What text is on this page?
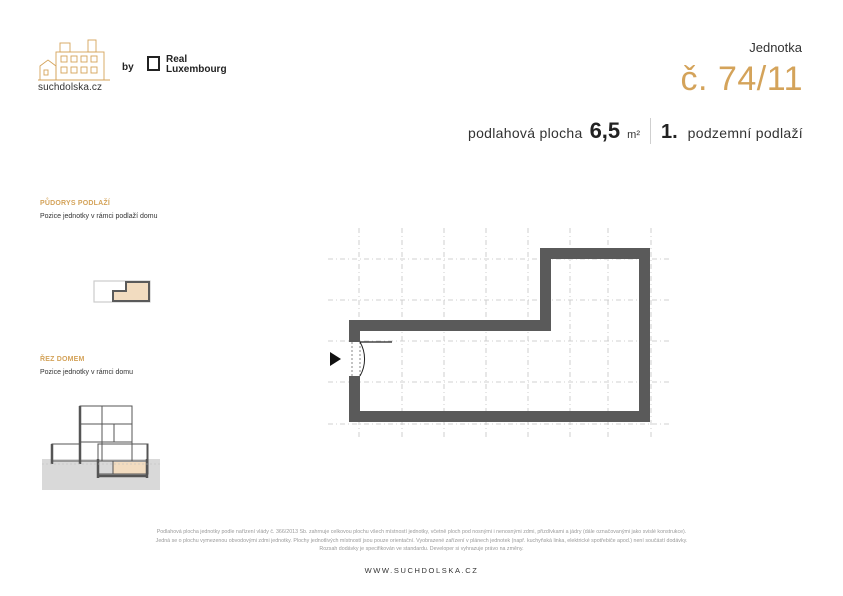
suchdolska.cz
by
Real
Luxembourg
Jednotka
č. 74/11
podlahová plocha 6,5 m² 1. podzemní podlaží
PŮDORYS PODLAŽÍ
Pozice jednotky v rámci podlaží domu
ŘEZ DOMEM
Pozice jednotky v rámci domu
Podlahová plocha jednotky podle nařízení vlády č. 366/2013 Sb. zahrnuje celkovou plochu všech místností jednotky, včetně ploch pod nosnými i nenosnými zdmi, přizdívkami a jádry (dále označovanými jako svislé konstrukce).
Jedná se o plochu vymezenou obvodovými zdmi jednotky. Plochy jednotlivých místností jsou pouze orientační. Vyobrazené zařízení v plánech jednotek (např. kuchyňská linka, elektrické spotřebiče apod.) není součástí dodávky.
Rozsah dodávky je specifikován ve standardu. Developer si vyhrazuje právo na změny.
WWW.SUCHDOLSKA.CZ
